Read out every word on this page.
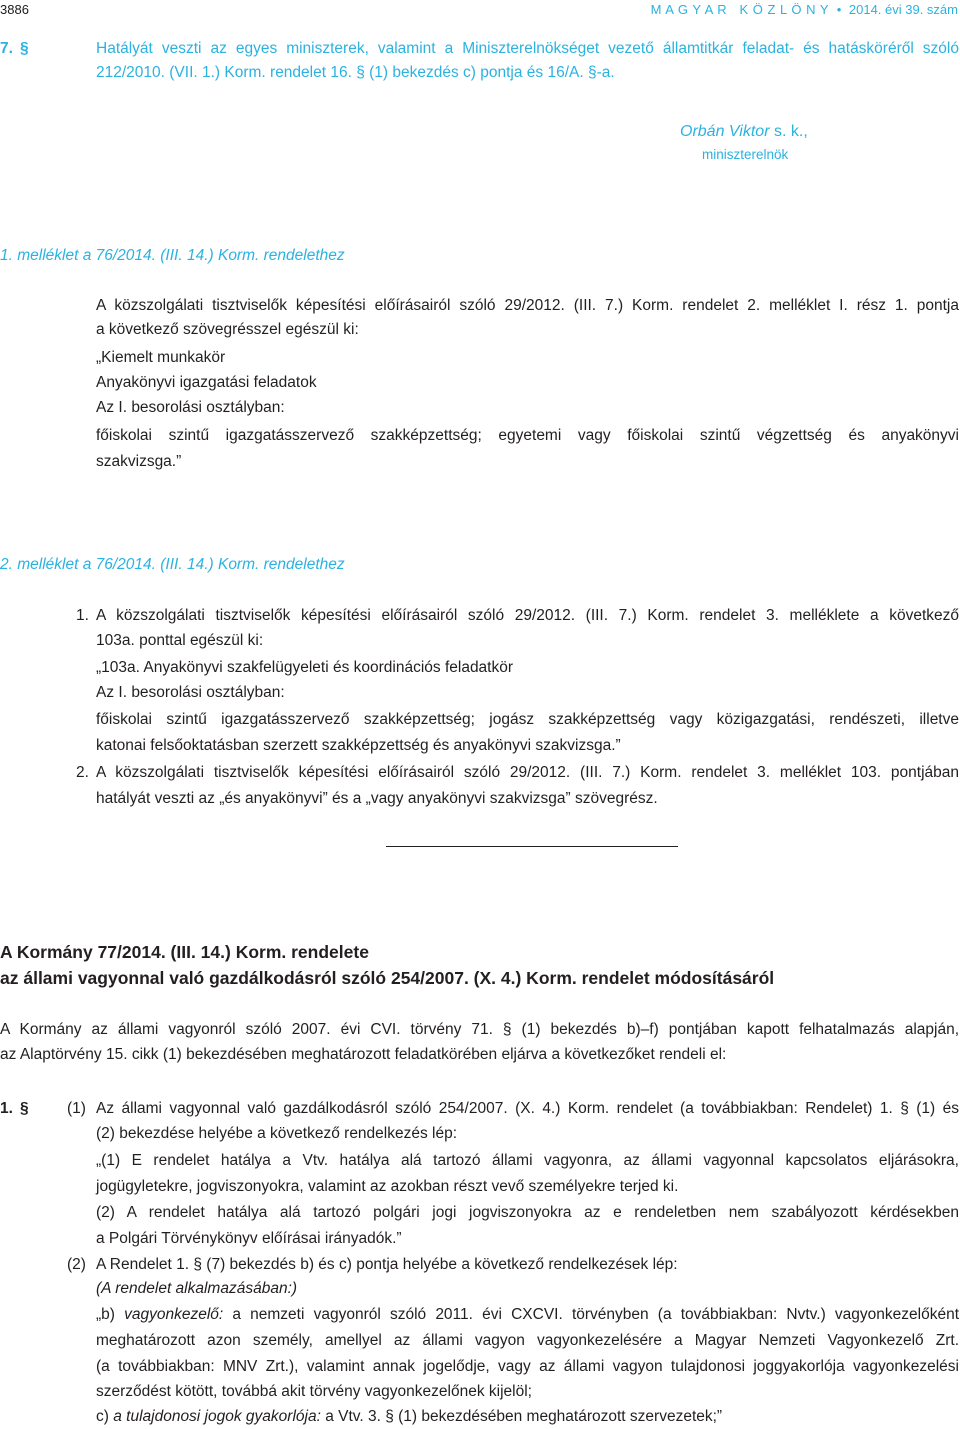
3886	M A G Y A R   K Ö Z L Ö N Y • 2014. évi 39. szám
7. §	Hatályát veszti az egyes miniszterek, valamint a Miniszterelnökséget vezető államtitkár feladat- és hatásköréről szóló
212/2010. (VII. 1.) Korm. rendelet 16. § (1) bekezdés c) pontja és 16/A. §-a.
Orbán Viktor s. k.,
miniszterelnök
1. melléklet a 76/2014. (III. 14.) Korm. rendelethez
A közszolgálati tisztviselők képesítési előírásairól szóló 29/2012. (III. 7.) Korm. rendelet 2. melléklet I. rész 1. pontja
a következő szövegrésszel egészül ki:
„Kiemelt munkakör
Anyakönyvi igazgatási feladatok
Az I. besorolási osztályban:
főiskolai szintű igazgatásszervező szakképzettség; egyetemi vagy főiskolai szintű végzettség és anyakönyvi
szakvizsga.”
2. melléklet a 76/2014. (III. 14.) Korm. rendelethez
1. A közszolgálati tisztviselők képesítési előírásairól szóló 29/2012. (III. 7.) Korm. rendelet 3. melléklete a következő
103a. ponttal egészül ki:
„103a. Anyakönyvi szakfelügyeleti és koordinációs feladatkör
Az I. besorolási osztályban:
főiskolai szintű igazgatásszervező szakképzettség; jogász szakképzettség vagy közigazgatási, rendészeti, illetve
katonai felsőoktatásban szerzett szakképzettség és anyakönyvi szakvizsga.”
2. A közszolgálati tisztviselők képesítési előírásairól szóló 29/2012. (III. 7.) Korm. rendelet 3. melléklet 103. pontjában
hatályát veszti az „és anyakönyvi” és a „vagy anyakönyvi szakvizsga” szövegrész.
A Kormány 77/2014. (III. 14.) Korm. rendelete
az állami vagyonnal való gazdálkodásról szóló 254/2007. (X. 4.) Korm. rendelet módosításáról
A Kormány az állami vagyonról szóló 2007. évi CVI. törvény 71. § (1) bekezdés b)–f) pontjában kapott felhatalmazás alapján,
az Alaptörvény 15. cikk (1) bekezdésében meghatározott feladatkörében eljárva a következőket rendeli el:
1. § (1) Az állami vagyonnal való gazdálkodásról szóló 254/2007. (X. 4.) Korm. rendelet (a továbbiakban: Rendelet) 1. § (1) és
(2) bekezdése helyébe a következő rendelkezés lép:
„(1) E rendelet hatálya a Vtv. hatálya alá tartozó állami vagyonra, az állami vagyonnal kapcsolatos eljárásokra,
jogügyletekre, jogviszonyokra, valamint az azokban részt vevő személyekre terjed ki.
(2) A rendelet hatálya alá tartozó polgári jogi jogviszonyokra az e rendeletben nem szabályozott kérdésekben
a Polgári Törvénykönyv előírásai irányadók.”
(2) A Rendelet 1. § (7) bekezdés b) és c) pontja helyébe a következő rendelkezések lép:
(A rendelet alkalmazásában:)
„b) vagyonkezelő: a nemzeti vagyonról szóló 2011. évi CXCVI. törvényben (a továbbiakban: Nvtv.) vagyonkezelőként
meghatározott azon személy, amellyel az állami vagyon vagyonkezelésére a Magyar Nemzeti Vagyonkezelő Zrt.
(a továbbiakban: MNV Zrt.), valamint annak jogelődje, vagy az állami vagyon tulajdonosi joggyakorlója vagyonkezelési
szerződést kötött, továbbá akit törvény vagyonkezelőnek kijelöl;
c) a tulajdonosi jogok gyakorlója: a Vtv. 3. § (1) bekezdésében meghatározott szervezetek;”
